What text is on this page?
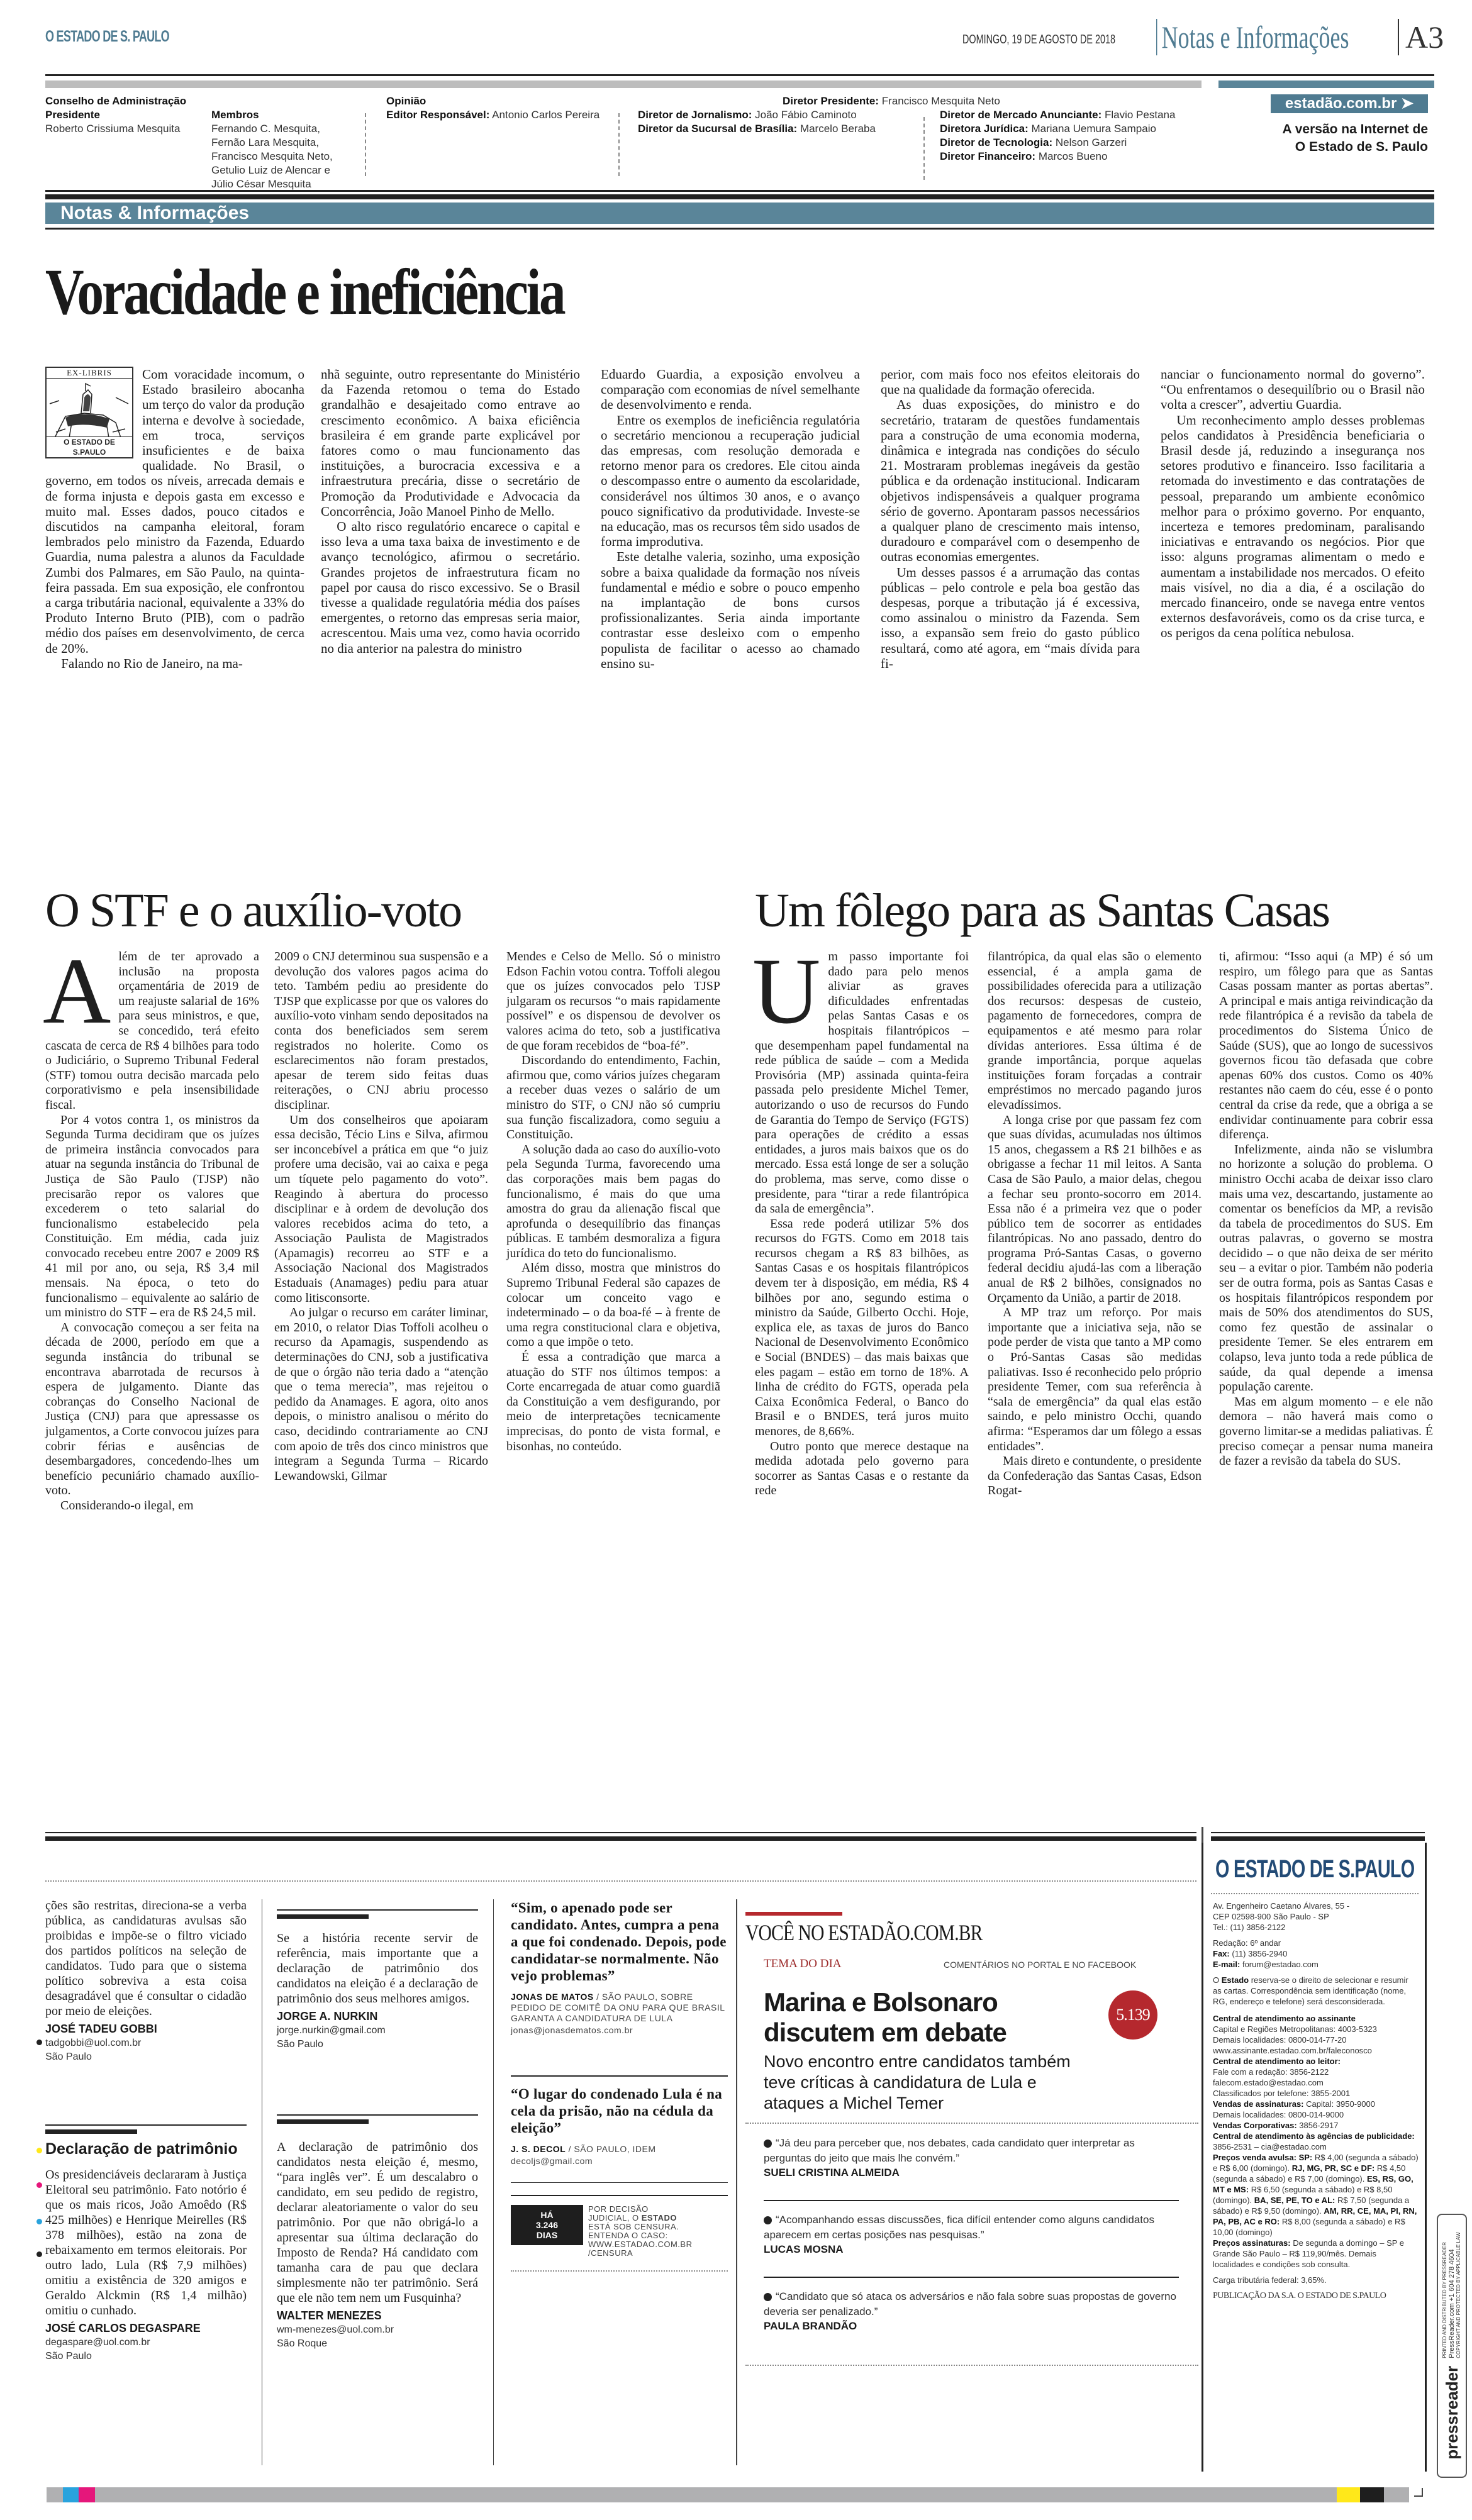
O ESTADO DE S. PAULO	DOMINGO, 19 DE AGOSTO DE 2018 Notas e Informações A3
Conselho de Administração
Presidente
Roberto Crissiuma Mesquita
Membros
Fernando C. Mesquita,
Fernão Lara Mesquita,
Francisco Mesquita Neto,
Getulio Luiz de Alencar e
Júlio César Mesquita
Opinião
Editor Responsável: Antonio Carlos Pereira
Diretor Presidente: Francisco Mesquita Neto
Diretor de Jornalismo: João Fábio Caminoto
Diretor da Sucursal de Brasília: Marcelo Beraba
Diretor de Mercado Anunciante: Flavio Pestana
Diretora Jurídica: Mariana Uemura Sampaio
Diretor de Tecnologia: Nelson Garzeri
Diretor Financeiro: Marcos Bueno
estadão.com.br ➤
A versão na Internet de
O Estado de S. Paulo
Notas & Informações
Voracidade e ineficiência
EX-LIBRIS
O ESTADO DE S.PAULO

Com voracidade incomum, o Estado brasileiro abocanha um terço do valor da produção interna e devolve à sociedade, em troca, serviços insuficientes e de baixa qualidade. No Brasil, o governo, em todos os níveis, arrecada demais e de forma injusta e depois gasta em excesso e muito mal. Esses dados, pouco citados e discutidos na campanha eleitoral, foram lembrados pelo ministro da Fazenda, Eduardo Guardia, numa palestra a alunos da Faculdade Zumbi dos Palmares, em São Paulo, na quinta-feira passada. Em sua exposição, ele confrontou a carga tributária nacional, equivalente a 33% do Produto Interno Bruto (PIB), com o padrão médio dos países em desenvolvimento, de cerca de 20%.

Falando no Rio de Janeiro, na ma-

nhã seguinte, outro representante do Ministério da Fazenda retomou o tema do Estado grandalhão e desajeitado como entrave ao crescimento econômico. A baixa eficiência brasileira é em grande parte explicável por fatores como o mau funcionamento das instituições, a burocracia excessiva e a infraestrutura precária, disse o secretário de Promoção da Produtividade e Advocacia da Concorrência, João Manoel Pinho de Mello.

O alto risco regulatório encarece o capital e isso leva a uma taxa baixa de investimento e de avanço tecnológico, afirmou o secretário. Grandes projetos de infraestrutura ficam no papel por causa do risco excessivo. Se o Brasil tivesse a qualidade regulatória média dos países emergentes, o retorno das empresas seria maior, acrescentou. Mais uma vez, como havia ocorrido no dia anterior na palestra do ministro

Eduardo Guardia, a exposição envolveu a comparação com economias de nível semelhante de desenvolvimento e renda.

Entre os exemplos de ineficiência regulatória o secretário mencionou a recuperação judicial das empresas, com resolução demorada e retorno menor para os credores. Ele citou ainda o descompasso entre o aumento da escolaridade, considerável nos últimos 30 anos, e o avanço pouco significativo da produtividade. Investe-se na educação, mas os recursos têm sido usados de forma improdutiva.

Este detalhe valeria, sozinho, uma exposição sobre a baixa qualidade da formação nos níveis fundamental e médio e sobre o pouco empenho na implantação de bons cursos profissionalizantes. Seria ainda importante contrastar esse desleixo com o empenho populista de facilitar o acesso ao chamado ensino su-

perior, com mais foco nos efeitos eleitorais do que na qualidade da formação oferecida.

As duas exposições, do ministro e do secretário, trataram de questões fundamentais para a construção de uma economia moderna, dinâmica e integrada nas condições do século 21. Mostraram problemas inegáveis da gestão pública e da ordenação institucional. Indicaram objetivos indispensáveis a qualquer programa sério de governo. Apontaram passos necessários a qualquer plano de crescimento mais intenso, duradouro e comparável com o desempenho de outras economias emergentes.

Um desses passos é a arrumação das contas públicas – pelo controle e pela boa gestão das despesas, porque a tributação já é excessiva, como assinalou o ministro da Fazenda. Sem isso, a expansão sem freio do gasto público resultará, como até agora, em “mais dívida para fi-

nanciar o funcionamento normal do governo”. “Ou enfrentamos o desequilíbrio ou o Brasil não volta a crescer”, advertiu Guardia.

Um reconhecimento amplo desses problemas pelos candidatos à Presidência beneficiaria o Brasil desde já, reduzindo a insegurança nos setores produtivo e financeiro. Isso facilitaria a retomada do investimento e das contratações de pessoal, preparando um ambiente econômico melhor para o próximo governo. Por enquanto, incerteza e temores predominam, paralisando iniciativas e entravando os negócios. Pior que isso: alguns programas alimentam o medo e aumentam a instabilidade nos mercados. O efeito mais visível, no dia a dia, é a oscilação do mercado financeiro, onde se navega entre ventos externos desfavoráveis, como os da crise turca, e os perigos da cena política nebulosa.

O STF e o auxílio-voto
A lém de ter aprovado a inclusão na proposta orçamentária de 2019 de um reajuste salarial de 16% para seus ministros, e que, se concedido, terá efeito cascata de cerca de R$ 4 bilhões para todo o Judiciário, o Supremo Tribunal Federal (STF) tomou outra decisão marcada pelo corporativismo e pela insensibilidade fiscal.

Por 4 votos contra 1, os ministros da Segunda Turma decidiram que os juízes de primeira instância convocados para atuar na segunda instância do Tribunal de Justiça de São Paulo (TJSP) não precisarão repor os valores que excederem o teto salarial do funcionalismo estabelecido pela Constituição. Em média, cada juiz convocado recebeu entre 2007 e 2009 R$ 41 mil por ano, ou seja, R$ 3,4 mil mensais. Na época, o teto do funcionalismo – equivalente ao salário de um ministro do STF – era de R$ 24,5 mil.

A convocação começou a ser feita na década de 2000, período em que a segunda instância do tribunal se encontrava abarrotada de recursos à espera de julgamento. Diante das cobranças do Conselho Nacional de Justiça (CNJ) para que apressasse os julgamentos, a Corte convocou juízes para cobrir férias e ausências de desembargadores, concedendo-lhes um benefício pecuniário chamado auxílio-voto.

Considerando-o ilegal, em

2009 o CNJ determinou sua suspensão e a devolução dos valores pagos acima do teto. Também pediu ao presidente do TJSP que explicasse por que os valores do auxílio-voto vinham sendo depositados na conta dos beneficiados sem serem registrados no holerite. Como os esclarecimentos não foram prestados, apesar de terem sido feitas duas reiterações, o CNJ abriu processo disciplinar.

Um dos conselheiros que apoiaram essa decisão, Técio Lins e Silva, afirmou ser inconcebível a prática em que “o juiz profere uma decisão, vai ao caixa e pega um tíquete pelo pagamento do voto”. Reagindo à abertura do processo disciplinar e à ordem de devolução dos valores recebidos acima do teto, a Associação Paulista de Magistrados (Apamagis) recorreu ao STF e a Associação Nacional dos Magistrados Estaduais (Anamages) pediu para atuar como litisconsorte.

Ao julgar o recurso em caráter liminar, em 2010, o relator Dias Toffoli acolheu o recurso da Apamagis, suspendendo as determinações do CNJ, sob a justificativa de que o órgão não teria dado a “atenção que o tema merecia”, mas rejeitou o pedido da Anamages. E agora, oito anos depois, o ministro analisou o mérito do caso, decidindo contrariamente ao CNJ com apoio de três dos cinco ministros que integram a Segunda Turma – Ricardo Lewandowski, Gilmar

Mendes e Celso de Mello. Só o ministro Edson Fachin votou contra. Toffoli alegou que os juízes convocados pelo TJSP julgaram os recursos “o mais rapidamente possível” e os dispensou de devolver os valores acima do teto, sob a justificativa de que foram recebidos de “boa-fé”.

Discordando do entendimento, Fachin, afirmou que, como vários juízes chegaram a receber duas vezes o salário de um ministro do STF, o CNJ não só cumpriu sua função fiscalizadora, como seguiu a Constituição.

A solução dada ao caso do auxílio-voto pela Segunda Turma, favorecendo uma das corporações mais bem pagas do funcionalismo, é mais do que uma amostra do grau da alienação fiscal que aprofunda o desequilíbrio das finanças públicas. E também desmoraliza a figura jurídica do teto do funcionalismo.

Além disso, mostra que ministros do Supremo Tribunal Federal são capazes de colocar um conceito vago e indeterminado – o da boa-fé – à frente de uma regra constitucional clara e objetiva, como a que impõe o teto.

É essa a contradição que marca a atuação do STF nos últimos tempos: a Corte encarregada de atuar como guardiã da Constituição a vem desfigurando, por meio de interpretações tecnicamente imprecisas, do ponto de vista formal, e bisonhas, no conteúdo.

Um fôlego para as Santas Casas
U m passo importante foi dado para pelo menos aliviar as graves dificuldades enfrentadas pelas Santas Casas e os hospitais filantrópicos – que desempenham papel fundamental na rede pública de saúde – com a Medida Provisória (MP) assinada quinta-feira passada pelo presidente Michel Temer, autorizando o uso de recursos do Fundo de Garantia do Tempo de Serviço (FGTS) para operações de crédito a essas entidades, a juros mais baixos que os do mercado. Essa está longe de ser a solução do problema, mas serve, como disse o presidente, para “tirar a rede filantrópica da sala de emergência”.

Essa rede poderá utilizar 5% dos recursos do FGTS. Como em 2018 tais recursos chegam a R$ 83 bilhões, as Santas Casas e os hospitais filantrópicos devem ter à disposição, em média, R$ 4 bilhões por ano, segundo estima o ministro da Saúde, Gilberto Occhi. Hoje, explica ele, as taxas de juros do Banco Nacional de Desenvolvimento Econômico e Social (BNDES) – das mais baixas que eles pagam – estão em torno de 18%. A linha de crédito do FGTS, operada pela Caixa Econômica Federal, o Banco do Brasil e o BNDES, terá juros muito menores, de 8,66%.

Outro ponto que merece destaque na medida adotada pelo governo para socorrer as Santas Casas e o restante da rede

filantrópica, da qual elas são o elemento essencial, é a ampla gama de possibilidades oferecida para a utilização dos recursos: despesas de custeio, pagamento de fornecedores, compra de equipamentos e até mesmo para rolar dívidas anteriores. Essa última é de grande importância, porque aquelas instituições foram forçadas a contrair empréstimos no mercado pagando juros elevadíssimos.

A longa crise por que passam fez com que suas dívidas, acumuladas nos últimos 15 anos, chegassem a R$ 21 bilhões e as obrigasse a fechar 11 mil leitos. A Santa Casa de São Paulo, a maior delas, chegou a fechar seu pronto-socorro em 2014. Essa não é a primeira vez que o poder público tem de socorrer as entidades filantrópicas. No ano passado, dentro do programa Pró-Santas Casas, o governo federal decidiu ajudá-las com a liberação anual de R$ 2 bilhões, consignados no Orçamento da União, a partir de 2018.

A MP traz um reforço. Por mais importante que a iniciativa seja, não se pode perder de vista que tanto a MP como o Pró-Santas Casas são medidas paliativas. Isso é reconhecido pelo próprio presidente Temer, com sua referência à “sala de emergência” da qual elas estão saindo, e pelo ministro Occhi, quando afirma: “Esperamos dar um fôlego a essas entidades”.

Mais direto e contundente, o presidente da Confederação das Santas Casas, Edson Rogat-

ti, afirmou: “Isso aqui (a MP) é só um respiro, um fôlego para que as Santas Casas possam manter as portas abertas”. A principal e mais antiga reivindicação da rede filantrópica é a revisão da tabela de procedimentos do Sistema Único de Saúde (SUS), que ao longo de sucessivos governos ficou tão defasada que cobre apenas 60% dos custos. Como os 40% restantes não caem do céu, esse é o ponto central da crise da rede, que a obriga a se endividar continuamente para cobrir essa diferença.

Infelizmente, ainda não se vislumbra no horizonte a solução do problema. O ministro Occhi acaba de deixar isso claro mais uma vez, descartando, justamente ao comentar os benefícios da MP, a revisão da tabela de procedimentos do SUS. Em outras palavras, o governo se mostra decidido – o que não deixa de ser mérito seu – a evitar o pior. Também não poderia ser de outra forma, pois as Santas Casas e os hospitais filantrópicos respondem por mais de 50% dos atendimentos do SUS, como fez questão de assinalar o presidente Temer. Se eles entrarem em colapso, leva junto toda a rede pública de saúde, da qual depende a imensa população carente.

Mas em algum momento – e ele não demora – não haverá mais como o governo limitar-se a medidas paliativas. É preciso começar a pensar numa maneira de fazer a revisão da tabela do SUS.

ções são restritas, direciona-se a verba pública, as candidaturas avulsas são proibidas e impõe-se o filtro viciado dos partidos políticos na seleção de candidatos. Tudo para que o sistema político sobreviva a esta coisa desagradável que é consultar o cidadão por meio de eleições.
JOSÉ TADEU GOBBI
tadgobbi@uol.com.br
São Paulo
Declaração de patrimônio
Os presidenciáveis declararam à Justiça Eleitoral seu patrimônio. Fato notório é que os mais ricos, João Amoêdo (R$ 425 milhões) e Henrique Meirelles (R$ 378 milhões), estão na zona de rebaixamento em termos eleitorais. Por outro lado, Lula (R$ 7,9 milhões) omitiu a existência de 320 amigos e Geraldo Alckmin (R$ 1,4 milhão) omitiu o cunhado.
JOSÉ CARLOS DEGASPARE
degaspare@uol.com.br
São Paulo
Se a história recente servir de referência, mais importante que a declaração de patrimônio dos candidatos na eleição é a declaração de patrimônio dos seus melhores amigos.
JORGE A. NURKIN
jorge.nurkin@gmail.com
São Paulo
A declaração de patrimônio dos candidatos nesta eleição é, mesmo, “para inglês ver”. É um descalabro o candidato, em seu pedido de registro, declarar aleatoriamente o valor do seu patrimônio. Por que não obrigá-lo a apresentar sua última declaração do Imposto de Renda? Há candidato com tamanha cara de pau que declara simplesmente não ter patrimônio. Será que ele não tem nem um Fusquinha?
WALTER MENEZES
wm-menezes@uol.com.br
São Roque
“Sim, o apenado pode ser candidato. Antes, cumpra a pena a que foi condenado. Depois, pode candidatar-se normalmente. Não vejo problemas”
JONAS DE MATOS / SÃO PAULO, SOBRE PEDIDO DE COMITÊ DA ONU PARA QUE BRASIL GARANTA A CANDIDATURA DE LULA
jonas@jonasdematos.com.br
“O lugar do condenado Lula é na cela da prisão, não na cédula da eleição”
J. S. DECOL / SÃO PAULO, IDEM
decoljs@gmail.com
HÁ
3.246
DIAS
POR DECISÃO
JUDICIAL, O ESTADO
ESTÁ SOB CENSURA.
ENTENDA O CASO:
WWW.ESTADAO.COM.BR
/CENSURA
VOCÊ NO ESTADÃO.COM.BR
TEMA DO DIA	COMENTÁRIOS NO PORTAL E NO FACEBOOK
Marina e Bolsonaro discutem em debate
5.139
Novo encontro entre candidatos também teve críticas à candidatura de Lula e ataques a Michel Temer
“Já deu para perceber que, nos debates, cada candidato quer interpretar as perguntas do jeito que mais lhe convém.”
SUELI CRISTINA ALMEIDA
“Acompanhando essas discussões, fica difícil entender como alguns candidatos aparecem em certas posições nas pesquisas.”
LUCAS MOSNA
“Candidato que só ataca os adversários e não fala sobre suas propostas de governo deveria ser penalizado.”
PAULA BRANDÃO
O ESTADO DE S.PAULO
Av. Engenheiro Caetano Álvares, 55 -
CEP 02598-900 São Paulo - SP
Tel.: (11) 3856-2122
Redação: 6º andar
Fax: (11) 3856-2940
E-mail: forum@estadao.com
O Estado reserva-se o direito de selecionar e resumir as cartas. Correspondência sem identificação (nome, RG, endereço e telefone) será desconsiderada.
Central de atendimento ao assinante
Capital e Regiões Metropolitanas: 4003-5323
Demais localidades: 0800-014-77-20
www.assinante.estadao.com.br/faleconosco
Central de atendimento ao leitor:
Fale com a redação: 3856-2122
falecom.estado@estadao.com
Classificados por telefone: 3855-2001
Vendas de assinaturas: Capital: 3950-9000
Demais localidades: 0800-014-9000
Vendas Corporativas: 3856-2917
Central de atendimento às agências de publicidade: 3856-2531 – cia@estadao.com
Preços venda avulsa: SP: R$ 4,00 (segunda a sábado) e R$ 6,00 (domingo). RJ, MG, PR, SC e DF: R$ 4,50 (segunda a sábado) e R$ 7,00 (domingo). ES, RS, GO, MT e MS: R$ 6,50 (segunda a sábado) e R$ 8,50 (domingo). BA, SE, PE, TO e AL: R$ 7,50 (segunda a sábado) e R$ 9,50 (domingo). AM, RR, CE, MA, PI, RN, PA, PB, AC e RO: R$ 8,00 (segunda a sábado) e R$ 10,00 (domingo)
Preços assinaturas: De segunda a domingo – SP e Grande São Paulo – R$ 119,90/mês. Demais localidades e condições sob consulta.
Carga tributária federal: 3,65%.
PUBLICAÇÃO DA S.A. O ESTADO DE S.PAULO
pressreader
PRINTED AND DISTRIBUTED BY PRESSREADER PressReader.com +1 604 278 4604 COPYRIGHT AND PROTECTED BY APPLICABLE LAW
